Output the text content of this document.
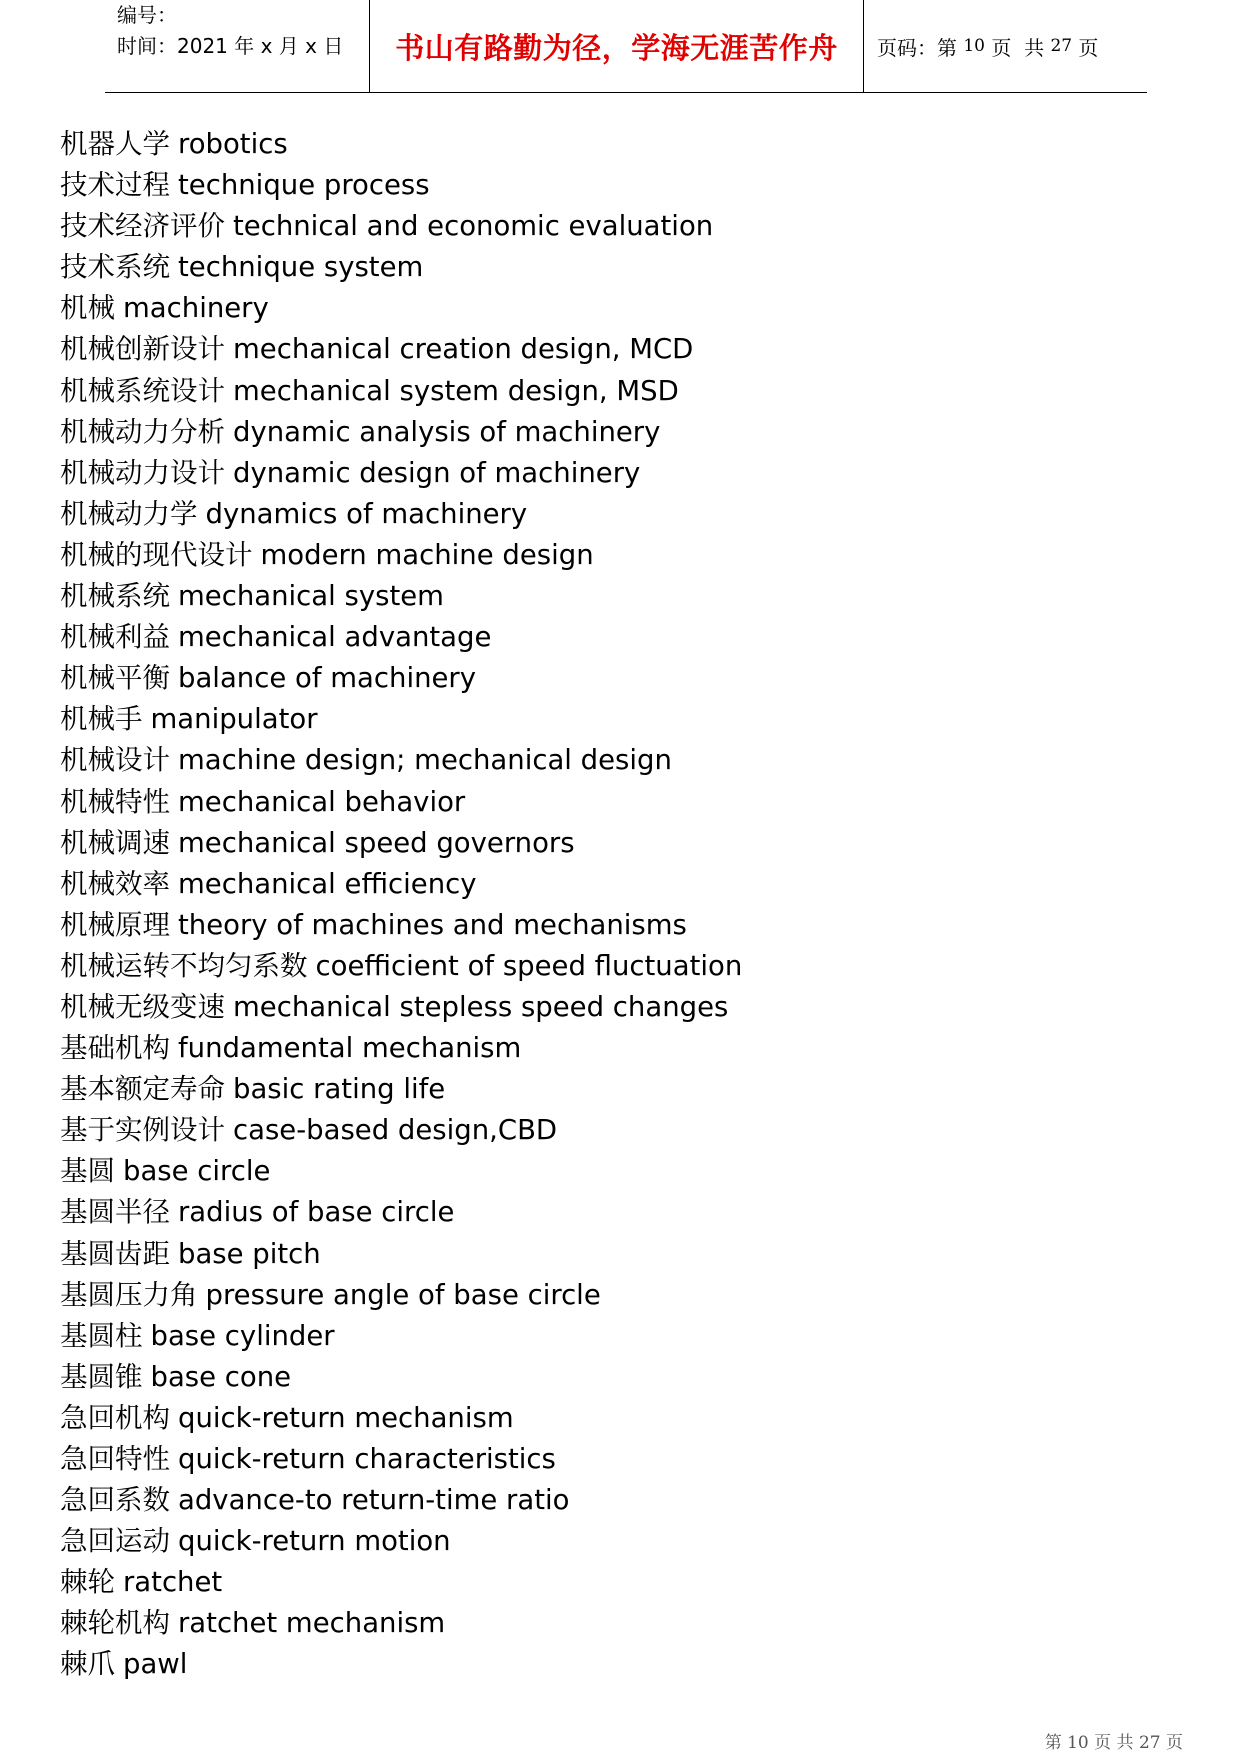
编号：
时间：2021 年 x 月 x 日	书山有路勤为径，学海无涯苦作舟	页码：第 10 页  共 27 页
机器人学 robotics
技术过程 technique process
技术经济评价 technical and economic evaluation
技术系统 technique system
机械 machinery
机械创新设计 mechanical creation design, MCD
机械系统设计 mechanical system design, MSD
机械动力分析 dynamic analysis of machinery
机械动力设计 dynamic design of machinery
机械动力学 dynamics of machinery
机械的现代设计 modern machine design
机械系统 mechanical system
机械利益 mechanical advantage
机械平衡 balance of machinery
机械手 manipulator
机械设计 machine design; mechanical design
机械特性 mechanical behavior
机械调速 mechanical speed governors
机械效率 mechanical efficiency
机械原理 theory of machines and mechanisms
机械运转不均匀系数 coefficient of speed fluctuation
机械无级变速 mechanical stepless speed changes
基础机构 fundamental mechanism
基本额定寿命 basic rating life
基于实例设计 case-based design,CBD
基圆 base circle
基圆半径 radius of base circle
基圆齿距 base pitch
基圆压力角 pressure angle of base circle
基圆柱 base cylinder
基圆锥 base cone
急回机构 quick-return mechanism
急回特性 quick-return characteristics
急回系数 advance-to return-time ratio
急回运动 quick-return motion
棘轮 ratchet
棘轮机构 ratchet mechanism
棘爪 pawl
第 10 页 共 27 页
